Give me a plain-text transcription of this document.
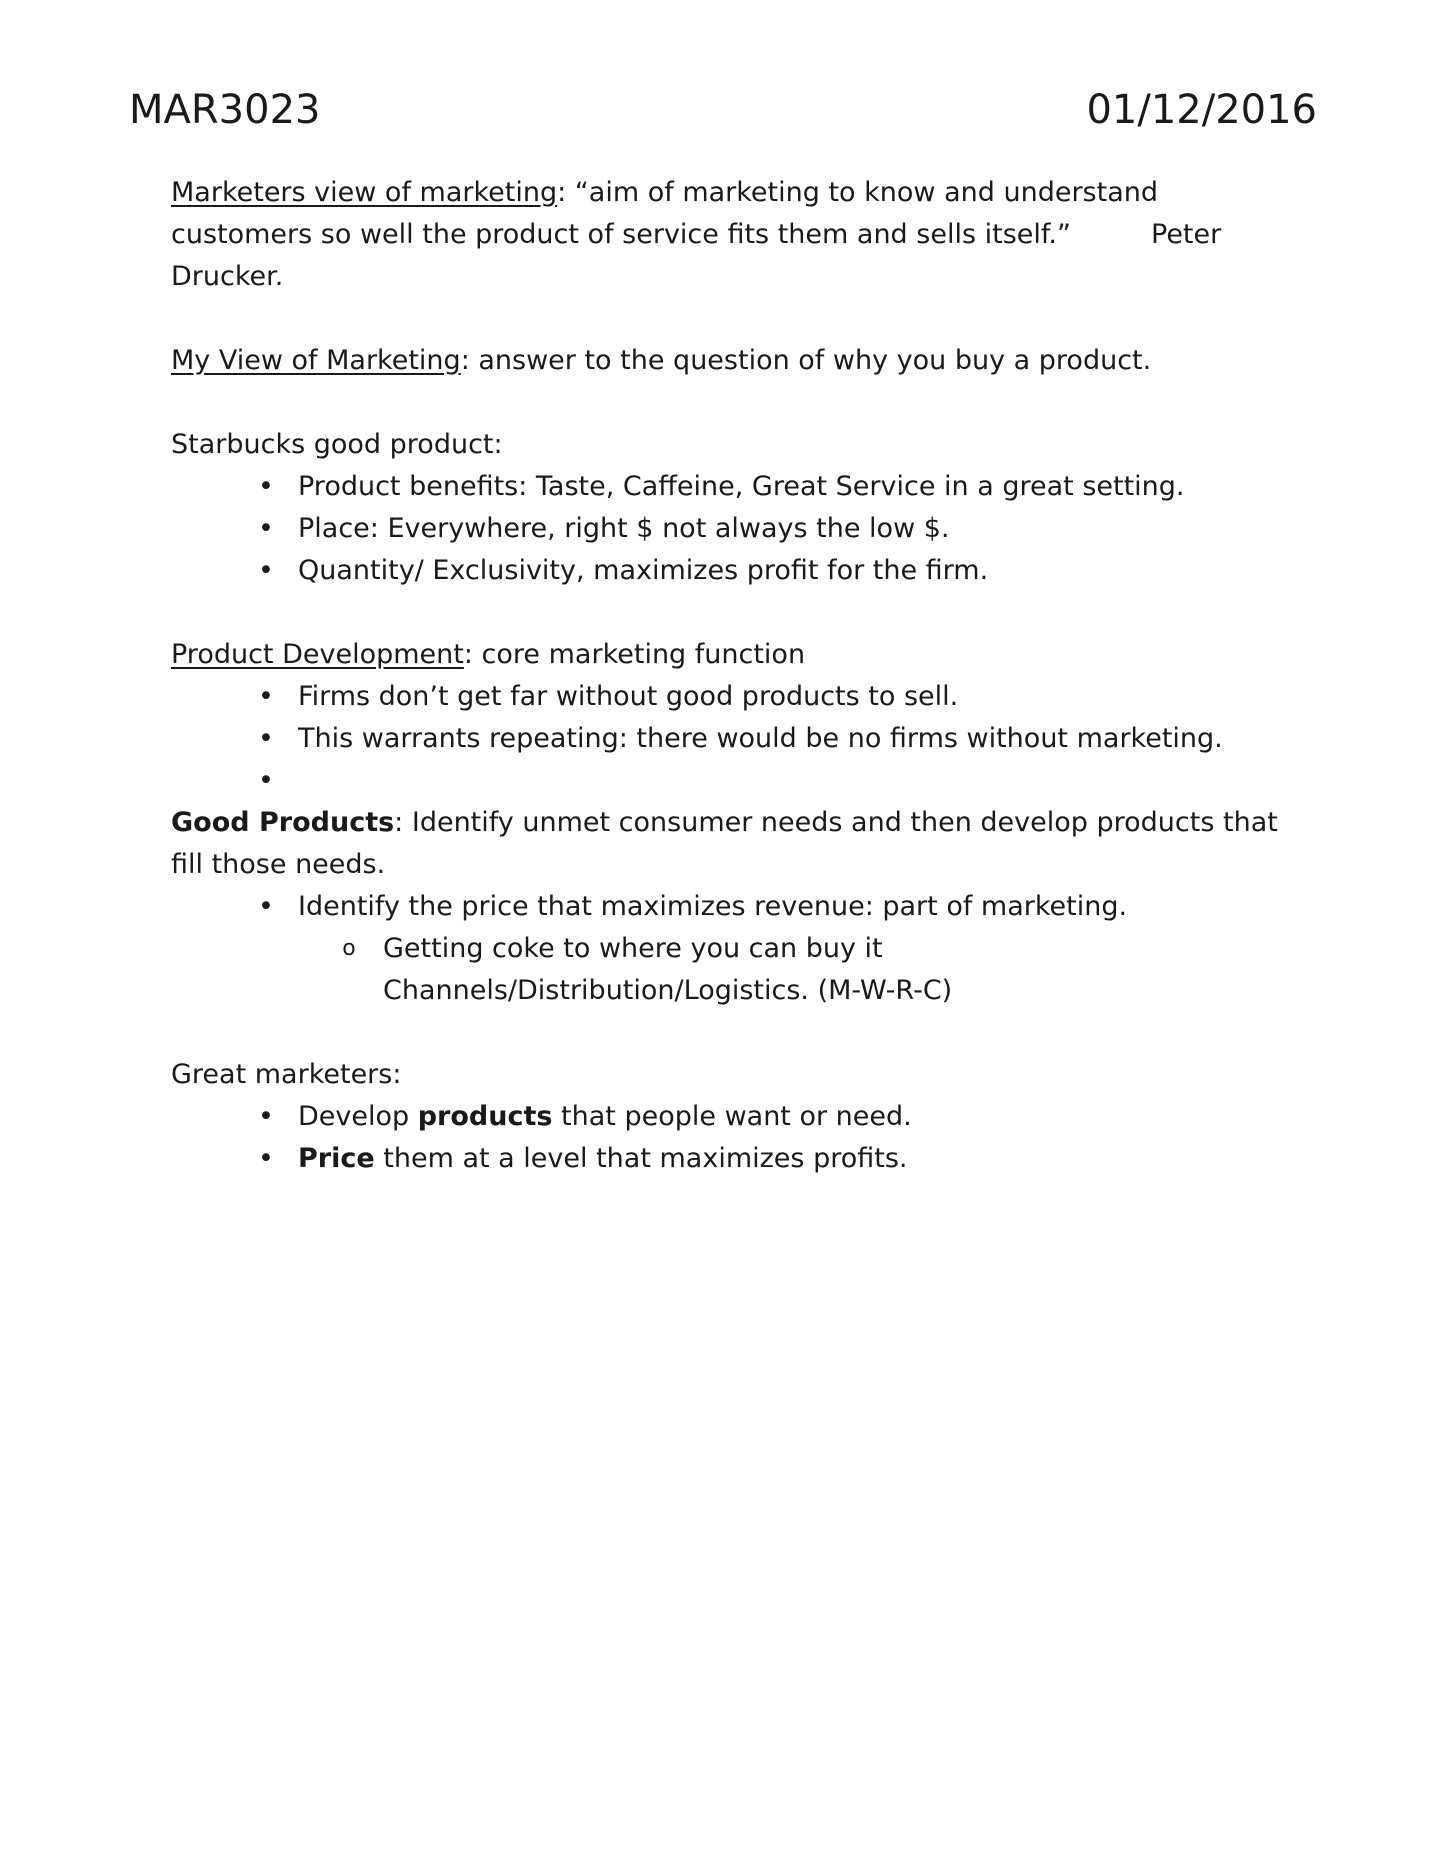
MAR3023	01/12/2016

Marketers view of marketing: “aim of marketing to know and understand customers so well the product of service fits them and sells itself.”	Peter Drucker.

My View of Marketing: answer to the question of why you buy a product.

Starbucks good product:

• Product benefits: Taste, Caffeine, Great Service in a great setting.
• Place: Everywhere, right $ not always the low $.
• Quantity/ Exclusivity, maximizes profit for the firm.

Product Development: core marketing function

• Firms don’t get far without good products to sell.
• This warrants repeating: there would be no firms without marketing.
•

Good Products: Identify unmet consumer needs and then develop products that fill those needs.

• Identify the price that maximizes revenue: part of marketing.
o Getting coke to where you can buy it Channels/Distribution/Logistics. (M-W-R-C)

Great marketers:

• Develop products that people want or need.
• Price them at a level that maximizes profits.
